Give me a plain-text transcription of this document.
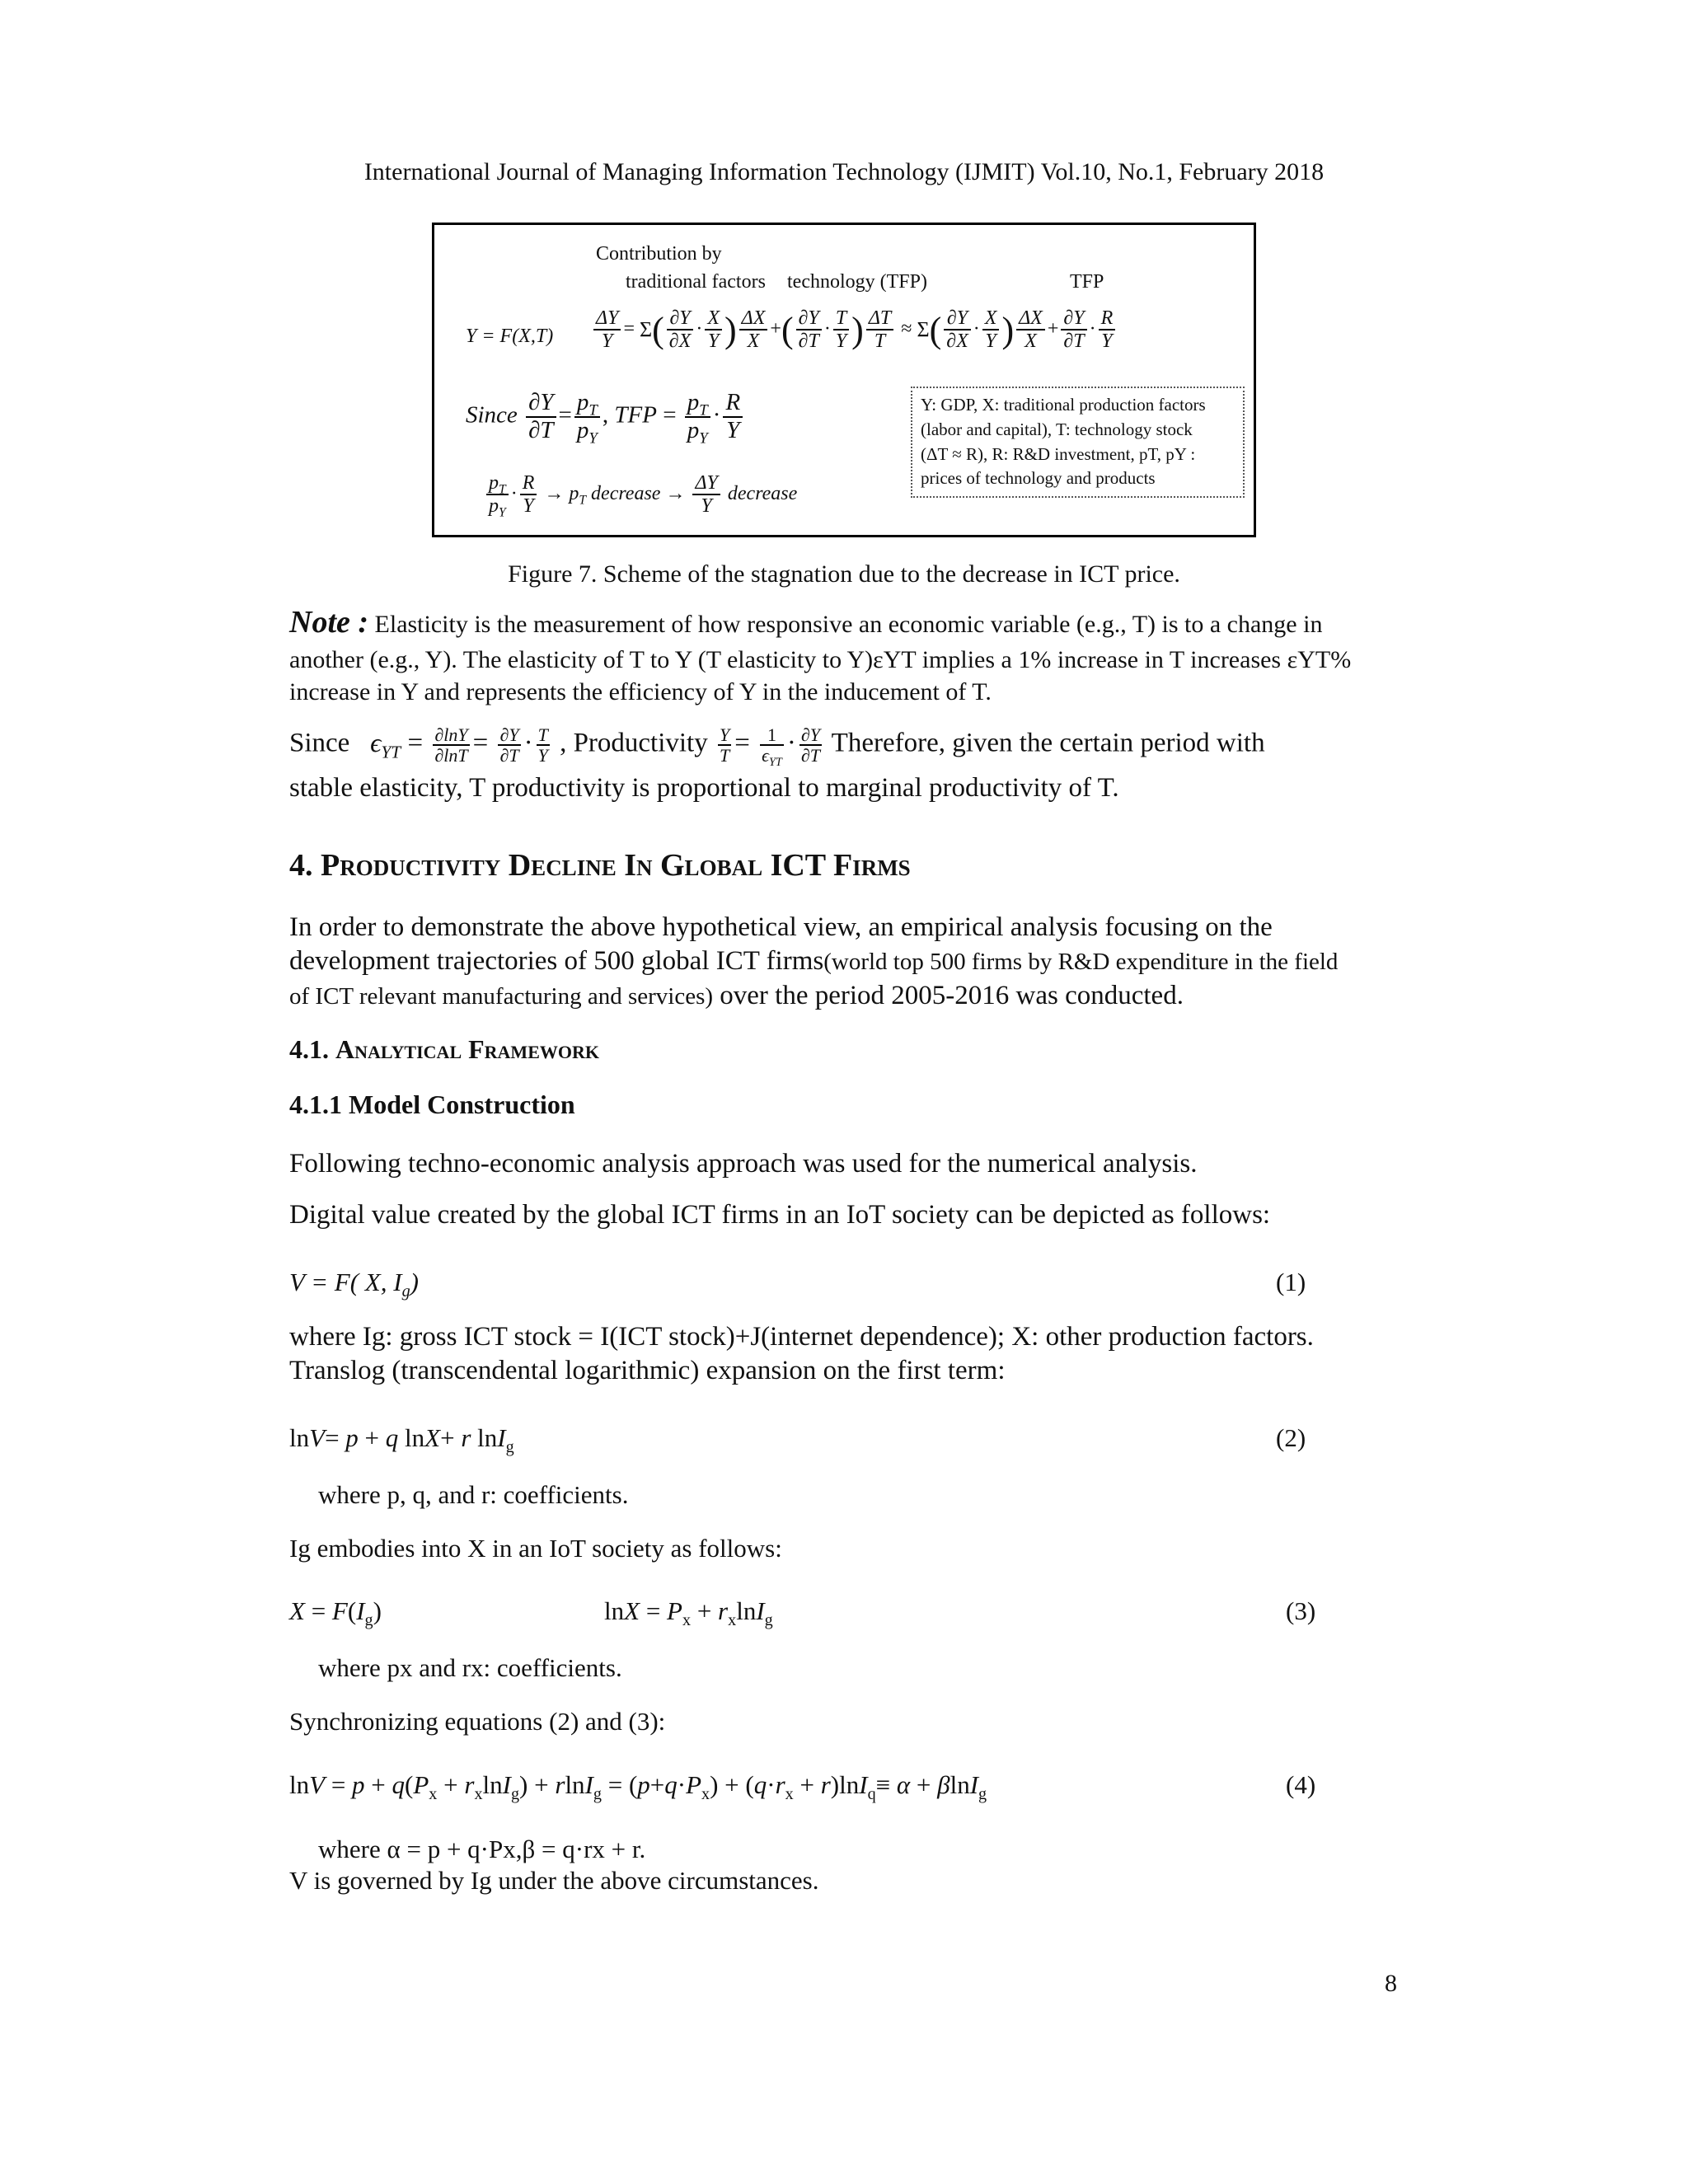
International Journal of Managing Information Technology (IJMIT) Vol.10, No.1, February 2018
Contribution by
traditional factors technology (TFP)	TFP
$Y = F(X,T) \frac{\Delta Y}{Y} = \Sigma( \frac{\partial Y}{\partial X} \cdot \frac{X}{Y}$ ) $\frac{\Delta X}{X}$ +( $\frac{\partial Y}{\partial T} \cdot \frac{T}{Y}$ ) $\frac{\Delta T}{T} \approx \Sigma( \frac{\partial Y}{\partial X} \cdot \frac{X}{Y}$ ) $\frac{\Delta X}{X} + \frac{\partial Y}{\partial T} \cdot \frac{R}{Y}$
Since $\frac{\partial Y}{\partial T} = \frac{p_T}{p_Y}$ , TFP = $\frac{p_T}{p_Y} \cdot \frac{R}{Y}$
$\frac{p_T}{p_Y} \cdot \frac{R}{Y} \to p_T$ decrease → $\frac{\Delta Y}{Y}$ decrease
Y: GDP, X: traditional production factors
(labor and capital), T: technology stock
(ΔT ≈ R), R: R&D investment, pT, pY :
prices of technology and products
Figure 7. Scheme of the stagnation due to the decrease in ICT price.
Note : Elasticity is the measurement of how responsive an economic variable (e.g., T) is to a change in
another (e.g., Y). The elasticity of T to Y (T elasticity to Y)εYT implies a 1% increase in T increases εYT%
increase in Y and represents the efficiency of Y in the inducement of T.
Since $\epsilon_{YT} = \frac{\partial\ln Y}{\partial\ln T} = \frac{\partial Y}{\partial T} \cdot \frac{T}{Y}$ , Productivity $\frac{Y}{T} = 1$
$\epsilon_{YT}$
· $\frac{\partial Y}{\partial T}$ Therefore, given the certain period with
stable elasticity, T productivity is proportional to marginal productivity of T.
4. Productivity Decline In Global ICT Firms
In order to demonstrate the above hypothetical view, an empirical analysis focusing on the
development trajectories of 500 global ICT firms(world top 500 firms by R&D expenditure in the field
of ICT relevant manufacturing and services) over the period 2005-2016 was conducted.
4.1. Analytical Framework
4.1.1 Model Construction
Following techno-economic analysis approach was used for the numerical analysis.
Digital value created by the global ICT firms in an IoT society can be depicted as follows:
V = F( X, $I_g$)	(1)
where Ig: gross ICT stock = I(ICT stock)+J(internet dependence); X: other production factors.
Translog (transcendental logarithmic) expansion on the first term:
lnV= p + q lnX+ r lnI$_g$	(2)
where p, q, and r: coefficients.
Ig embodies into X in an IoT society as follows:
$X = F(I_g)$	$\ln X = P_x + r_x\ln I_g$	(3)
where px and rx: coefficients.
Synchronizing equations (2) and (3):
$\ln V = p + q(P_x + r_x\ln I_g) + rlnI_g = (p+q\cdot P_x) + (q\cdot r_x + r)\ln I_q\equiv \alpha + \beta\ln I_g$	(4)
where α = p + q·Px,β = q·rx + r.
V is governed by Ig under the above circumstances.
8
